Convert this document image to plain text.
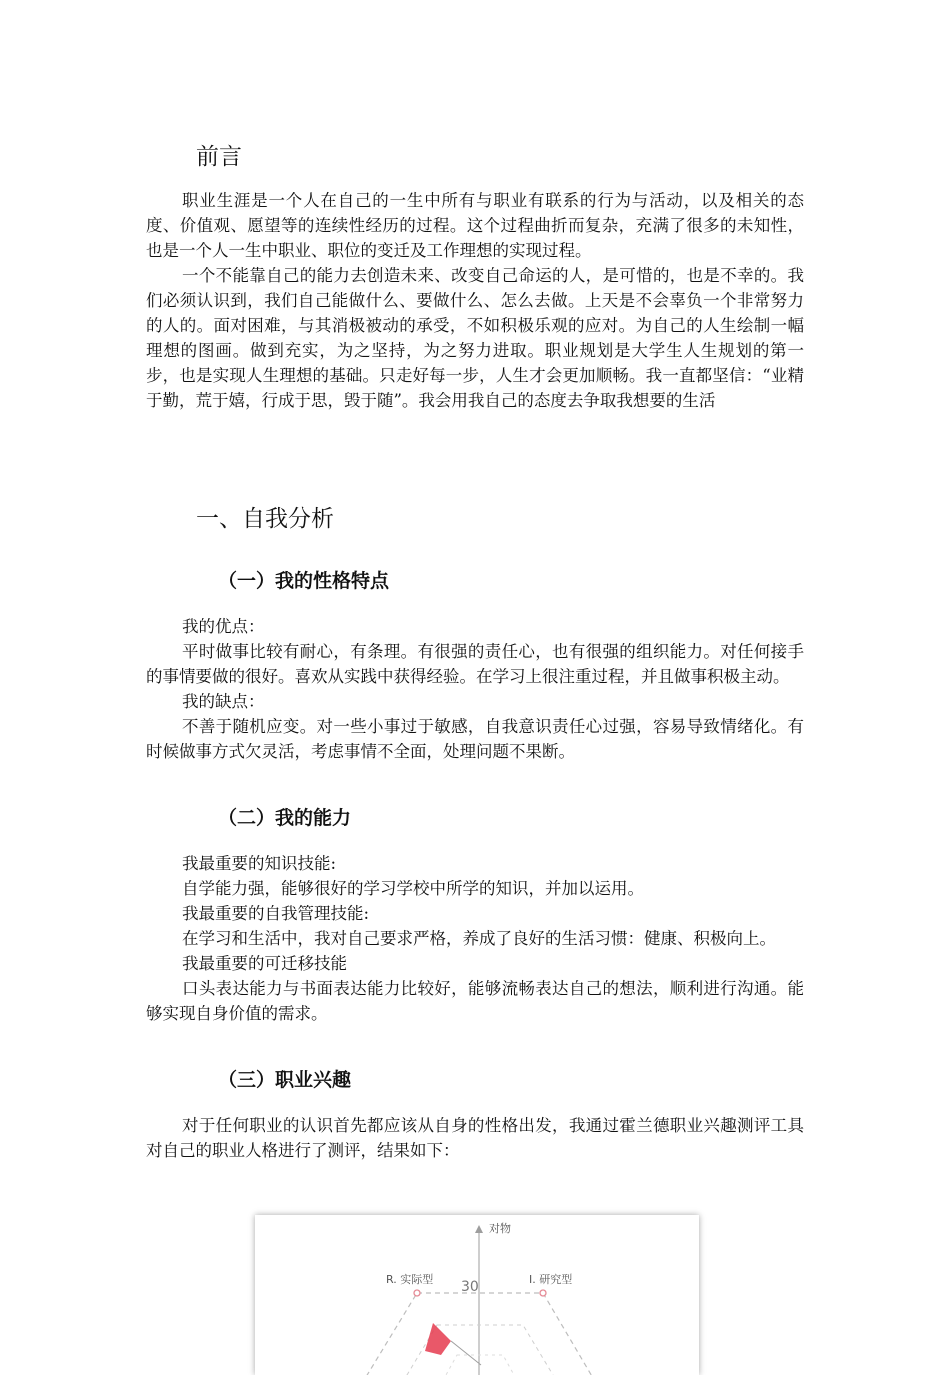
前言

职业生涯是一个人在自己的一生中所有与职业有联系的行为与活动，以及相关的态度、价值观、愿望等的连续性经历的过程。这个过程曲折而复杂，充满了很多的未知性，也是一个人一生中职业、职位的变迁及工作理想的实现过程。

一个不能靠自己的能力去创造未来、改变自己命运的人，是可惜的，也是不幸的。我们必须认识到，我们自己能做什么、要做什么、怎么去做。上天是不会辜负一个非常努力的人的。面对困难，与其消极被动的承受，不如积极乐观的应对。为自己的人生绘制一幅理想的图画。做到充实，为之坚持，为之努力进取。职业规划是大学生人生规划的第一步，也是实现人生理想的基础。只走好每一步，人生才会更加顺畅。我一直都坚信：“业精于勤，荒于嬉，行成于思，毁于随”。我会用我自己的态度去争取我想要的生活

一、自我分析
（一）我的性格特点

我的优点：

平时做事比较有耐心，有条理。有很强的责任心，也有很强的组织能力。对任何接手的事情要做的很好。喜欢从实践中获得经验。在学习上很注重过程，并且做事积极主动。

我的缺点：

不善于随机应变。对一些小事过于敏感，自我意识责任心过强，容易导致情绪化。有时候做事方式欠灵活，考虑事情不全面，处理问题不果断。

（二）我的能力

我最重要的知识技能:

自学能力强，能够很好的学习学校中所学的知识，并加以运用。

我最重要的自我管理技能:

在学习和生活中，我对自己要求严格，养成了良好的生活习惯：健康、积极向上。

我最重要的可迁移技能

口头表达能力与书面表达能力比较好，能够流畅表达自己的想法，顺利进行沟通。能够实现自身价值的需求。

（三）职业兴趣

对于任何职业的认识首先都应该从自身的性格出发，我通过霍兰德职业兴趣测评工具对自己的职业人格进行了测评，结果如下：

对物
R. 实际型	I. 研究型
30
